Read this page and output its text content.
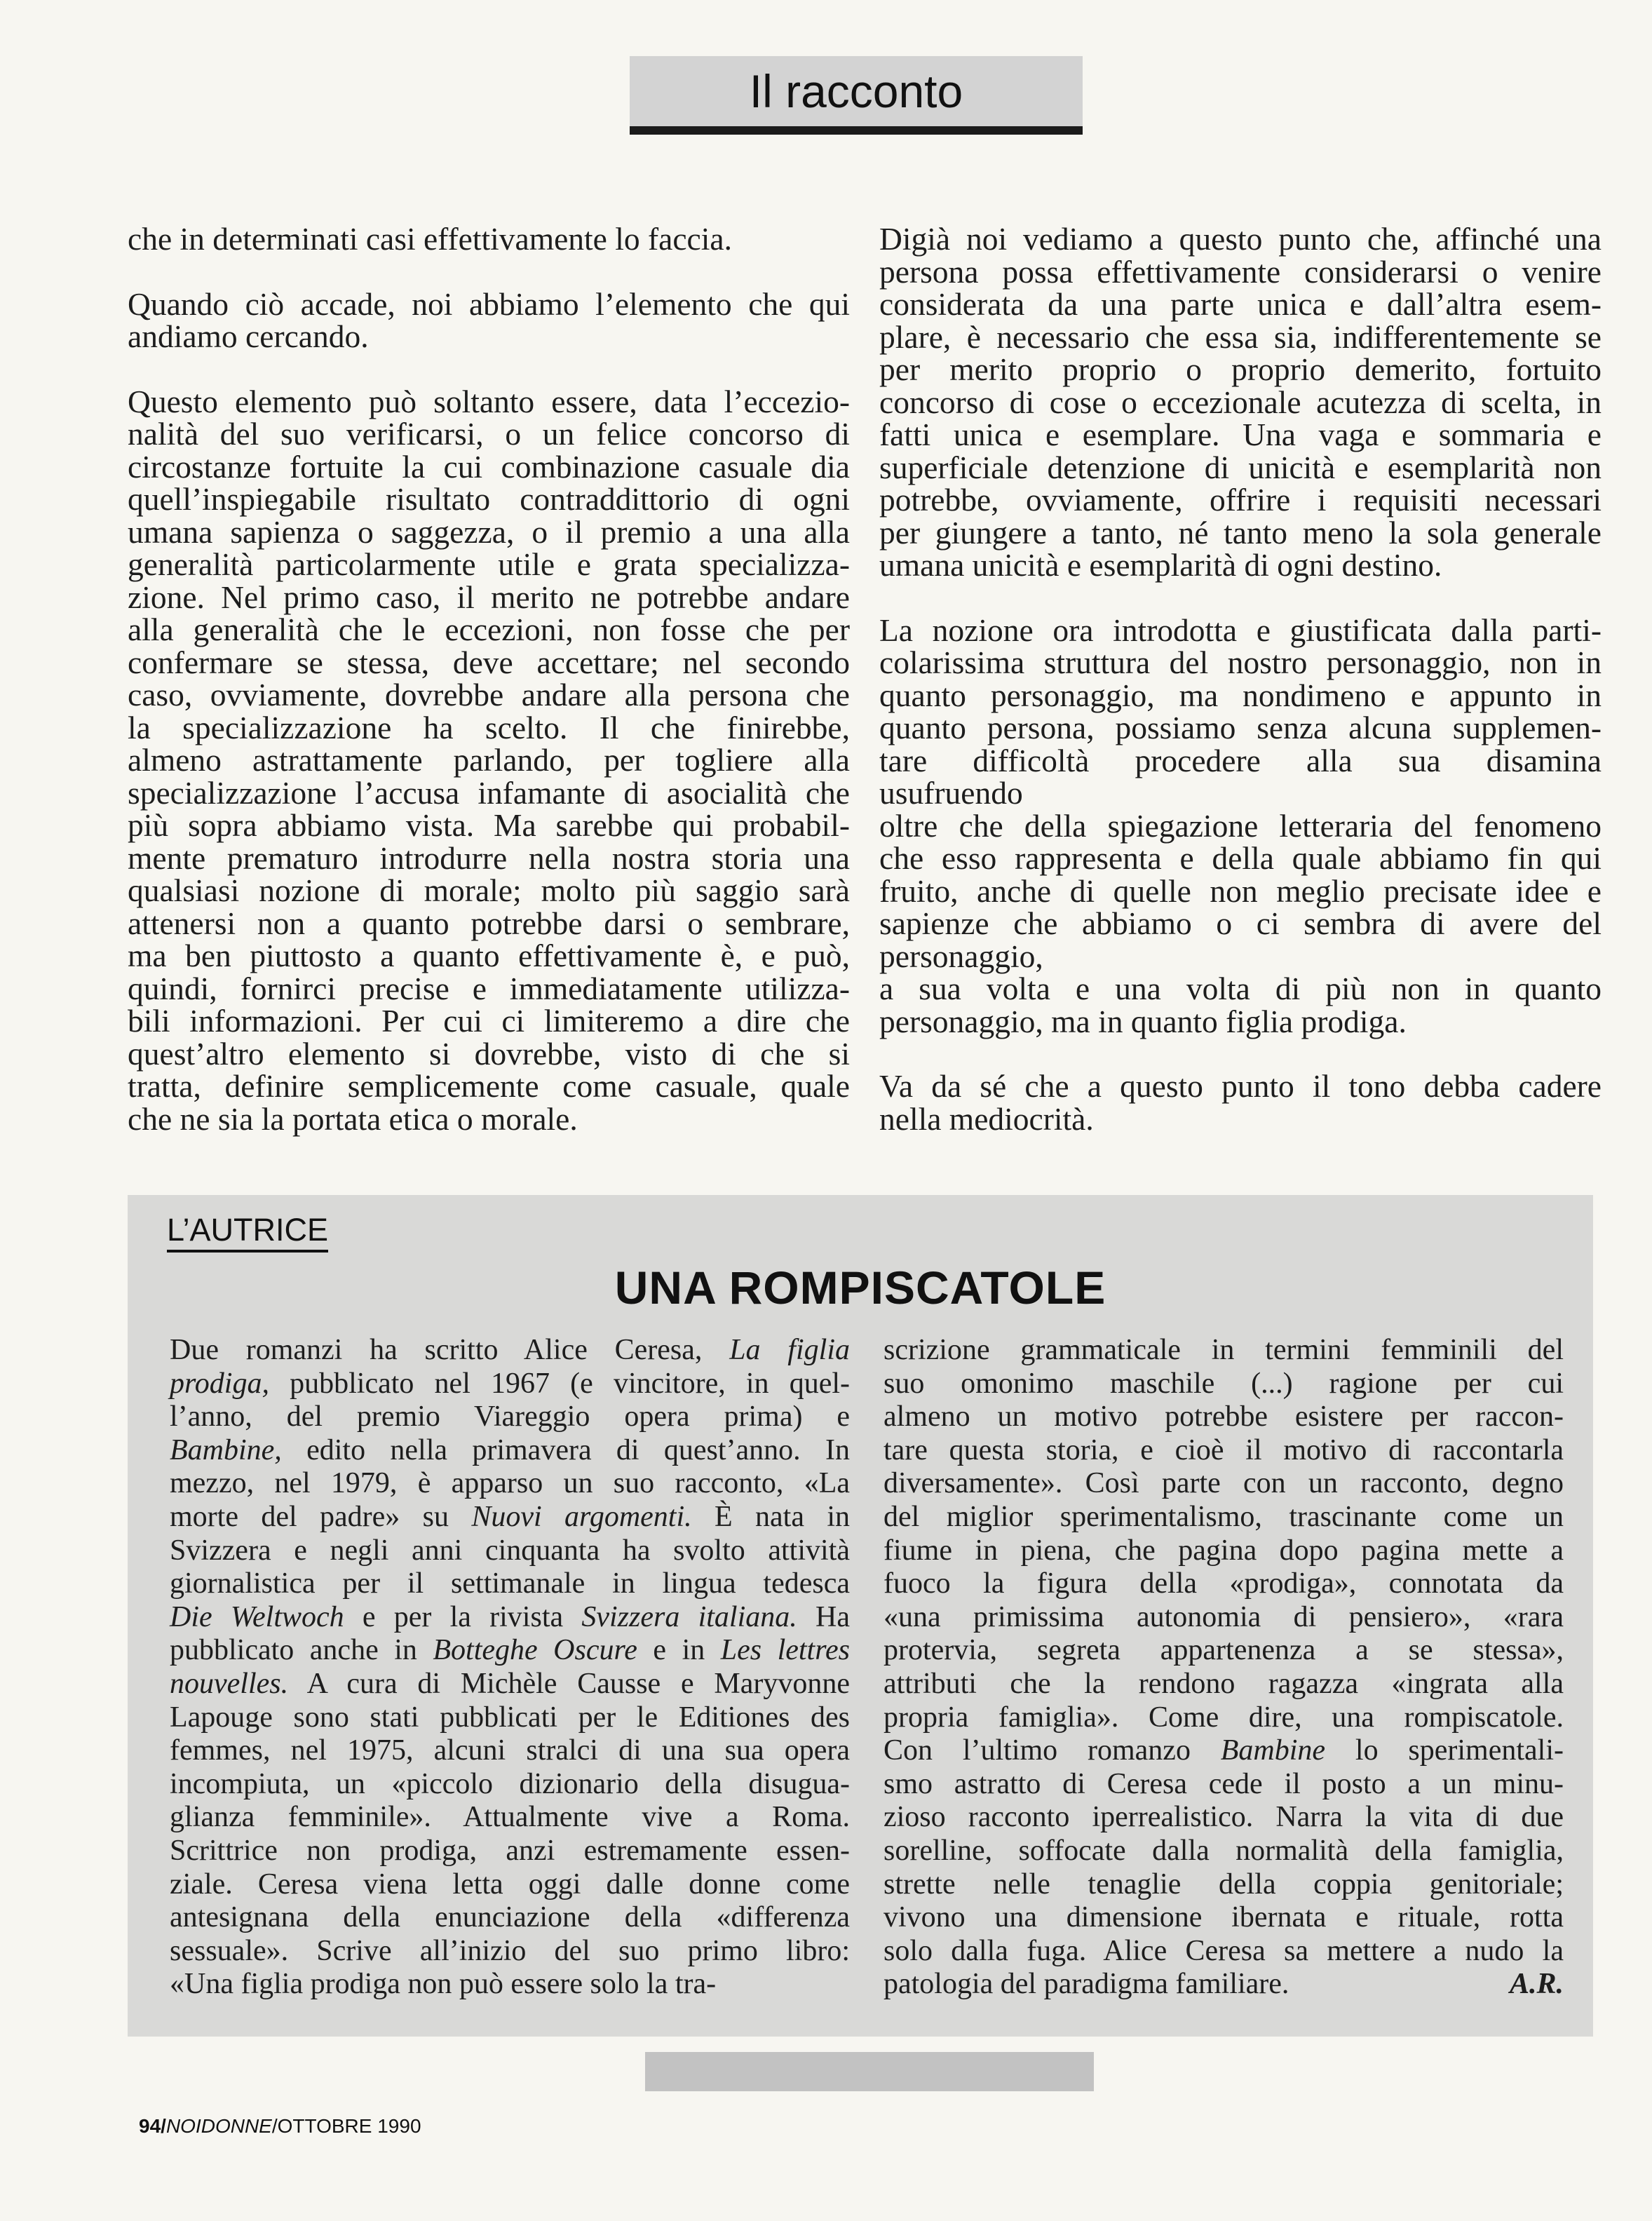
Il racconto

che in determinati casi effettivamente lo faccia.

Quando ciò accade, noi abbiamo l’elemento che qui
andiamo cercando.

Questo elemento può soltanto essere, data l’eccezio-
nalità del suo verificarsi, o un felice concorso di
circostanze fortuite la cui combinazione casuale dia
quell’inspiegabile risultato contraddittorio di ogni
umana sapienza o saggezza, o il premio a una alla
generalità particolarmente utile e grata specializza-
zione. Nel primo caso, il merito ne potrebbe andare
alla generalità che le eccezioni, non fosse che per
confermare se stessa, deve accettare; nel secondo
caso, ovviamente, dovrebbe andare alla persona che
la specializzazione ha scelto. Il che finirebbe,
almeno astrattamente parlando, per togliere alla
specializzazione l’accusa infamante di asocialità che
più sopra abbiamo vista. Ma sarebbe qui probabil-
mente prematuro introdurre nella nostra storia una
qualsiasi nozione di morale; molto più saggio sarà
attenersi non a quanto potrebbe darsi o sembrare,
ma ben piuttosto a quanto effettivamente è, e può,
quindi, fornirci precise e immediatamente utilizza-
bili informazioni. Per cui ci limiteremo a dire che
quest’altro elemento si dovrebbe, visto di che si
tratta, definire semplicemente come casuale, quale
che ne sia la portata etica o morale.

Digià noi vediamo a questo punto che, affinché una
persona possa effettivamente considerarsi o venire
considerata da una parte unica e dall’altra esem-
plare, è necessario che essa sia, indifferentemente se
per merito proprio o proprio demerito, fortuito
concorso di cose o eccezionale acutezza di scelta, in
fatti unica e esemplare. Una vaga e sommaria e
superficiale detenzione di unicità e esemplarità non
potrebbe, ovviamente, offrire i requisiti necessari
per giungere a tanto, né tanto meno la sola generale
umana unicità e esemplarità di ogni destino.

La nozione ora introdotta e giustificata dalla parti-
colarissima struttura del nostro personaggio, non in
quanto personaggio, ma nondimeno e appunto in
quanto persona, possiamo senza alcuna supplemen-
tare difficoltà procedere alla sua disamina
usufruendo
oltre che della spiegazione letteraria del fenomeno
che esso rappresenta e della quale abbiamo fin qui
fruito, anche di quelle non meglio precisate idee e
sapienze che abbiamo o ci sembra di avere del
personaggio,
a sua volta e una volta di più non in quanto
personaggio, ma in quanto figlia prodiga.

Va da sé che a questo punto il tono debba cadere
nella mediocrità.

L’AUTRICE
UNA ROMPISCATOLE
Due romanzi ha scritto Alice Ceresa, La figlia
prodiga, pubblicato nel 1967 (e vincitore, in quel-
l’anno, del premio Viareggio opera prima) e
Bambine, edito nella primavera di quest’anno. In
mezzo, nel 1979, è apparso un suo racconto, «La
morte del padre» su Nuovi argomenti. È nata in
Svizzera e negli anni cinquanta ha svolto attività
giornalistica per il settimanale in lingua tedesca
Die Weltwoch e per la rivista Svizzera italiana. Ha
pubblicato anche in Botteghe Oscure e in Les lettres
nouvelles. A cura di Michèle Causse e Maryvonne
Lapouge sono stati pubblicati per le Editiones des
femmes, nel 1975, alcuni stralci di una sua opera
incompiuta, un «piccolo dizionario della disugua-
glianza femminile». Attualmente vive a Roma.
Scrittrice non prodiga, anzi estremamente essen-
ziale. Ceresa viena letta oggi dalle donne come
antesignana della enunciazione della «differenza
sessuale». Scrive all’inizio del suo primo libro:
«Una figlia prodiga non può essere solo la tra-
scrizione grammaticale in termini femminili del
suo omonimo maschile (...) ragione per cui
almeno un motivo potrebbe esistere per raccon-
tare questa storia, e cioè il motivo di raccontarla
diversamente». Così parte con un racconto, degno
del miglior sperimentalismo, trascinante come un
fiume in piena, che pagina dopo pagina mette a
fuoco la figura della «prodiga», connotata da
«una primissima autonomia di pensiero», «rara
protervia, segreta appartenenza a se stessa»,
attributi che la rendono ragazza «ingrata alla
propria famiglia». Come dire, una rompiscatole.
Con l’ultimo romanzo Bambine lo sperimentali-
smo astratto di Ceresa cede il posto a un minu-
zioso racconto iperrealistico. Narra la vita di due
sorelline, soffocate dalla normalità della famiglia,
strette nelle tenaglie della coppia genitoriale;
vivono una dimensione ibernata e rituale, rotta
solo dalla fuga. Alice Ceresa sa mettere a nudo la
patologia del paradigma familiare.	A.R.
94/NOIDONNE/OTTOBRE 1990
